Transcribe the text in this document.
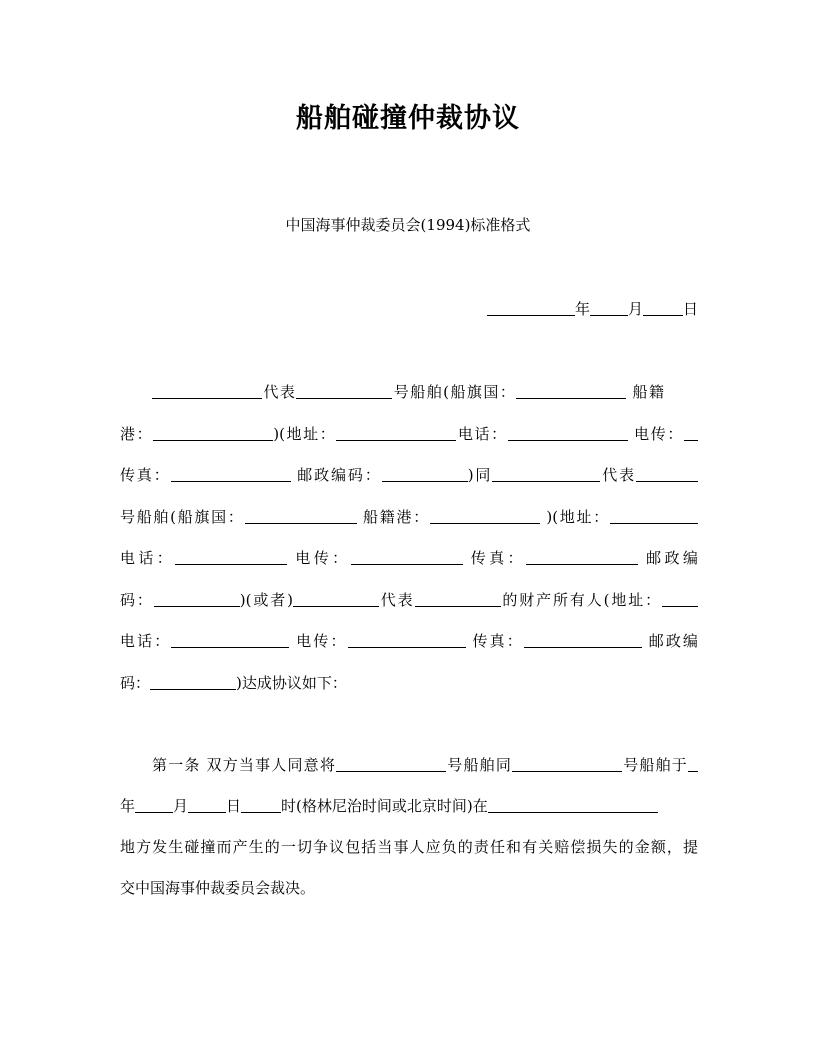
船舶碰撞仲裁协议
中国海事仲裁委员会(1994)标准格式
年	月	日
代表	号船舶(船旗国：	船籍
港：	)(地址：	电话：	电传：
传真：	邮政编码：	)同	代表
号船舶(船旗国：	船籍港：	)(地址：
电话：	电传：	传真：	邮政编
码：	)(或者)	代表	的财产所有人(地址：
电话：	电传：	传真：	邮政编
码：	)达成协议如下：
第一条 双方当事人同意将	号船舶同	号船舶于
年	月	日	时(格林尼治时间或北京时间)在
地方发生碰撞而产生的一切争议包括当事人应负的责任和有关赔偿损失的金额，提
交中国海事仲裁委员会裁决。
